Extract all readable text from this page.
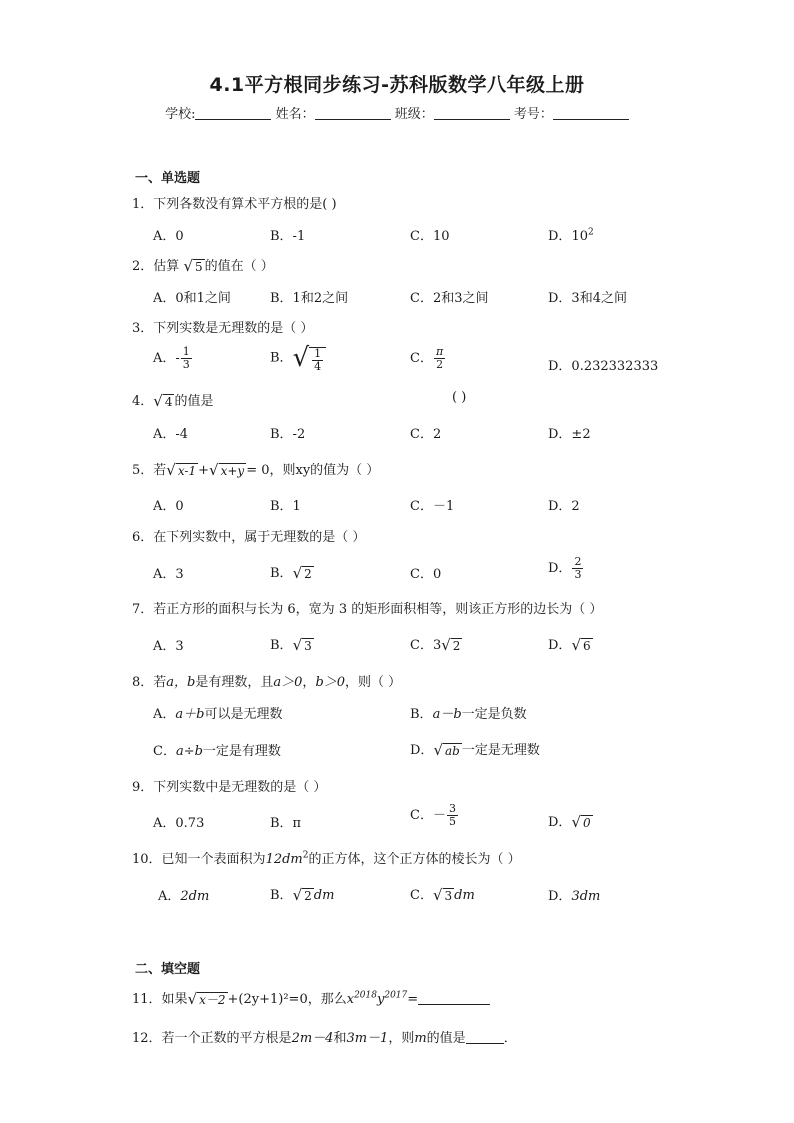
4.1平方根同步练习-苏科版数学八年级上册
学校:	姓名：	班级：	考号：
一、单选题
1．下列各数没有算术平方根的是( )
A．0	B．-1	C．10	D．$10^2$
2．估算 √ 5 的值在（ ）
A．0和1之间	B．1和2之间	C．2和3之间	D．3和4之间
3．下列实数是无理数的是（ ）
A．- $\frac{1}{3}$	B． √ $\frac{1}{4}$	C． $\frac{\pi}{2}$	D．0.232332333
4． √ 4 的值是	( )
A．-4	B．-2	C．2	D．±2
5．若 √ x-1 + √ x+y = 0，则xy的值为（ ）
A．0	B．1	C．－1	D．2
6．在下列实数中，属于无理数的是（ ）
A．3	B． √ 2	C．0	D． $\frac{2}{3}$
7．若正方形的面积与长为 6，宽为 3 的矩形面积相等，则该正方形的边长为（ ）
A．3	B． √ 3	C．3 √ 2	D． √ 6
8．若a，b是有理数，且a＞0，b＞0，则（ ）
A．a＋b可以是无理数	B．a－b一定是负数
C．a÷b一定是有理数	D． √ ab 一定是无理数
9．下列实数中是无理数的是（ ）
A．0.73	B．π
C．－ $\frac{3}{5}$	D． √ 0
10．已知一个表面积为$12dm^2$的正方体，这个正方体的棱长为（ ）
A．2dm	B． √ 2 dm	C． √ 3 dm	D．3dm
二、填空题
11．如果 √ x－2 +(2y+1)²=0，那么$x^{2018}y^{2017}=$
12．若一个正数的平方根是2m－4和3m－1，则m的值是	．
